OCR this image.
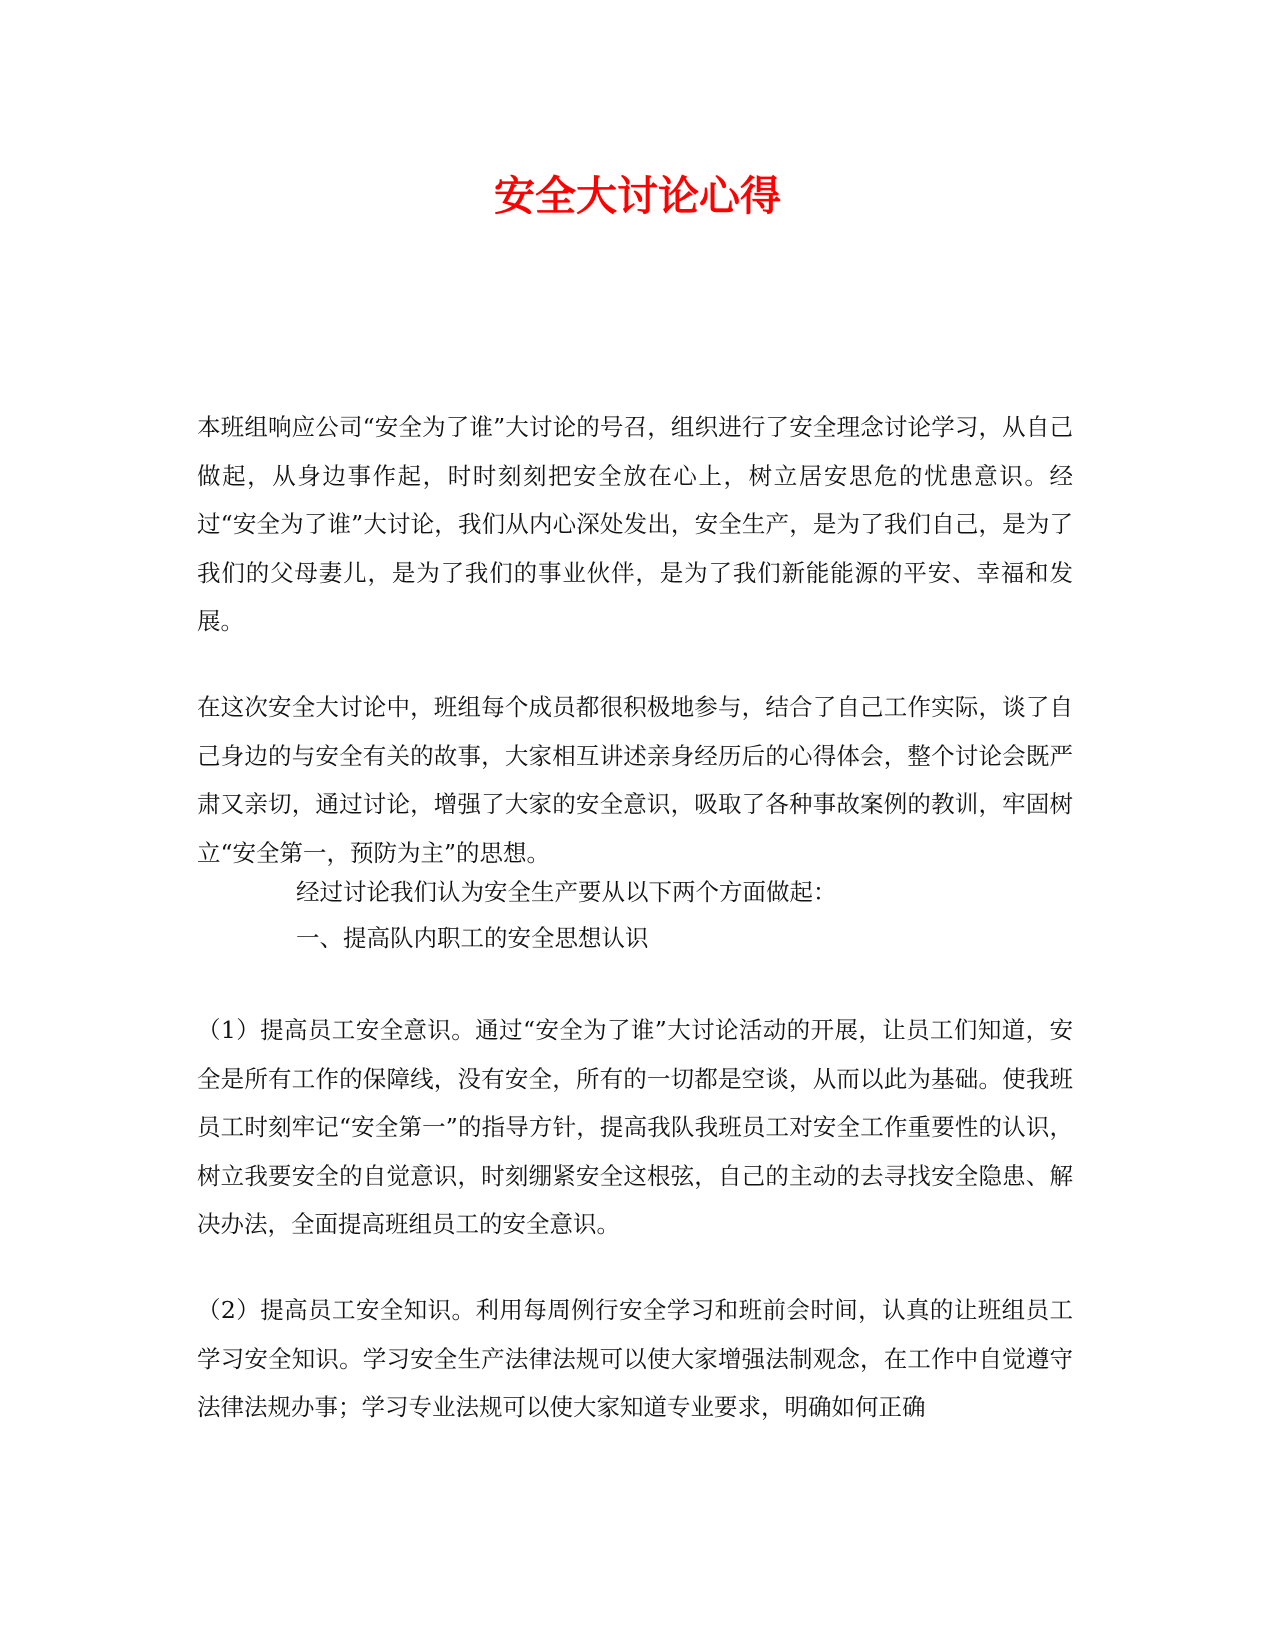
安全大讨论心得

本班组响应公司“安全为了谁”大讨论的号召，组织进行了安全理念讨论学习，从自己做起，从身边事作起，时时刻刻把安全放在心上，树立居安思危的忧患意识。经过“安全为了谁”大讨论，我们从内心深处发出，安全生产，是为了我们自己，是为了我们的父母妻儿，是为了我们的事业伙伴，是为了我们新能能源的平安、幸福和发展。

在这次安全大讨论中，班组每个成员都很积极地参与，结合了自己工作实际，谈了自己身边的与安全有关的故事，大家相互讲述亲身经历后的心得体会，整个讨论会既严肃又亲切，通过讨论，增强了大家的安全意识，吸取了各种事故案例的教训，牢固树立“安全第一，预防为主”的思想。

经过讨论我们认为安全生产要从以下两个方面做起：

一、提高队内职工的安全思想认识

（1）提高员工安全意识。通过“安全为了谁”大讨论活动的开展，让员工们知道，安全是所有工作的保障线，没有安全，所有的一切都是空谈，从而以此为基础。使我班员工时刻牢记“安全第一”的指导方针，提高我队我班员工对安全工作重要性的认识，树立我要安全的自觉意识，时刻绷紧安全这根弦，自己的主动的去寻找安全隐患、解决办法，全面提高班组员工的安全意识。

（2）提高员工安全知识。利用每周例行安全学习和班前会时间，认真的让班组员工学习安全知识。学习安全生产法律法规可以使大家增强法制观念，在工作中自觉遵守法律法规办事；学习专业法规可以使大家知道专业要求，明确如何正确
